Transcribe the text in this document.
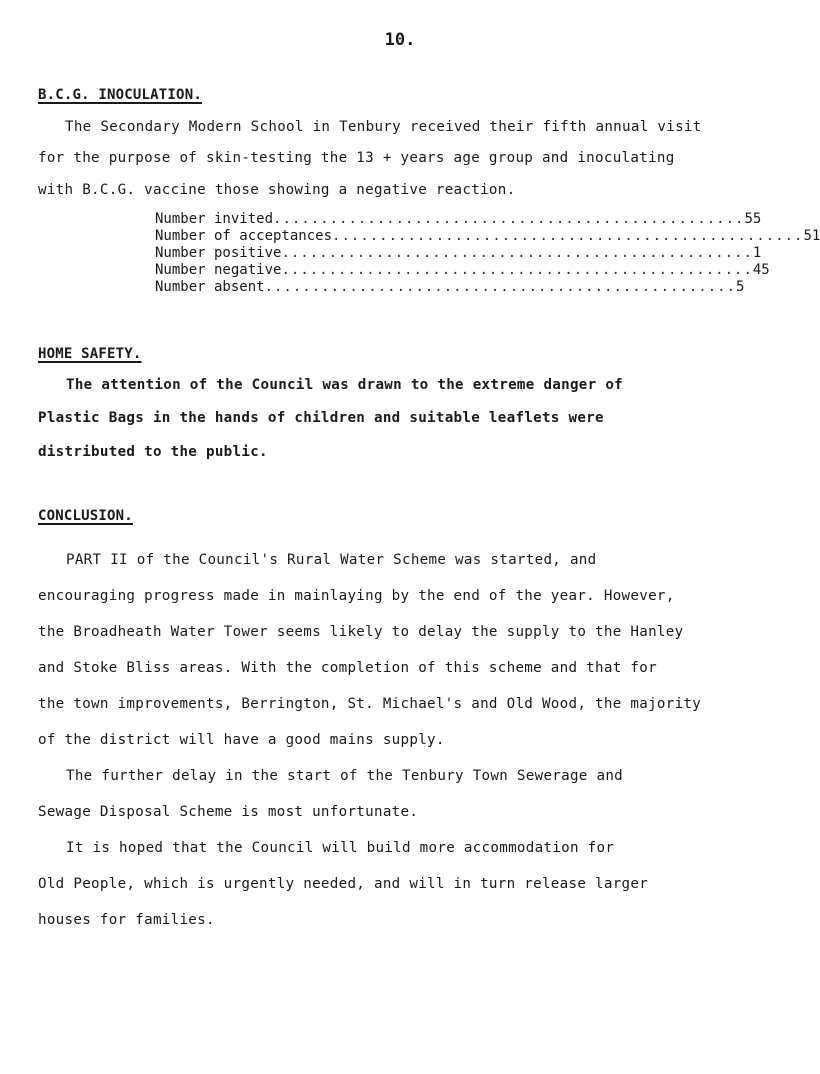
10.
B.C.G. INOCULATION.
The Secondary Modern School in Tenbury received their fifth annual visit
for the purpose of skin-testing the 13 + years age group and inoculating
with B.C.G. vaccine those showing a negative reaction.
Number invited .................................................. 55
Number of acceptances .................................................. 51
Number positive .................................................. 1
Number negative .................................................. 45
Number absent .................................................. 5
HOME SAFETY.
The attention of the Council was drawn to the extreme danger of
Plastic Bags in the hands of children and suitable leaflets were
distributed to the public.
CONCLUSION.
PART II of the Council's Rural Water Scheme was started, and
encouraging progress made in mainlaying by the end of the year. However,
the Broadheath Water Tower seems likely to delay the supply to the Hanley
and Stoke Bliss areas. With the completion of this scheme and that for
the town improvements, Berrington, St. Michael's and Old Wood, the majority
of the district will have a good mains supply.
The further delay in the start of the Tenbury Town Sewerage and
Sewage Disposal Scheme is most unfortunate.
It is hoped that the Council will build more accommodation for
Old People, which is urgently needed, and will in turn release larger
houses for families.
